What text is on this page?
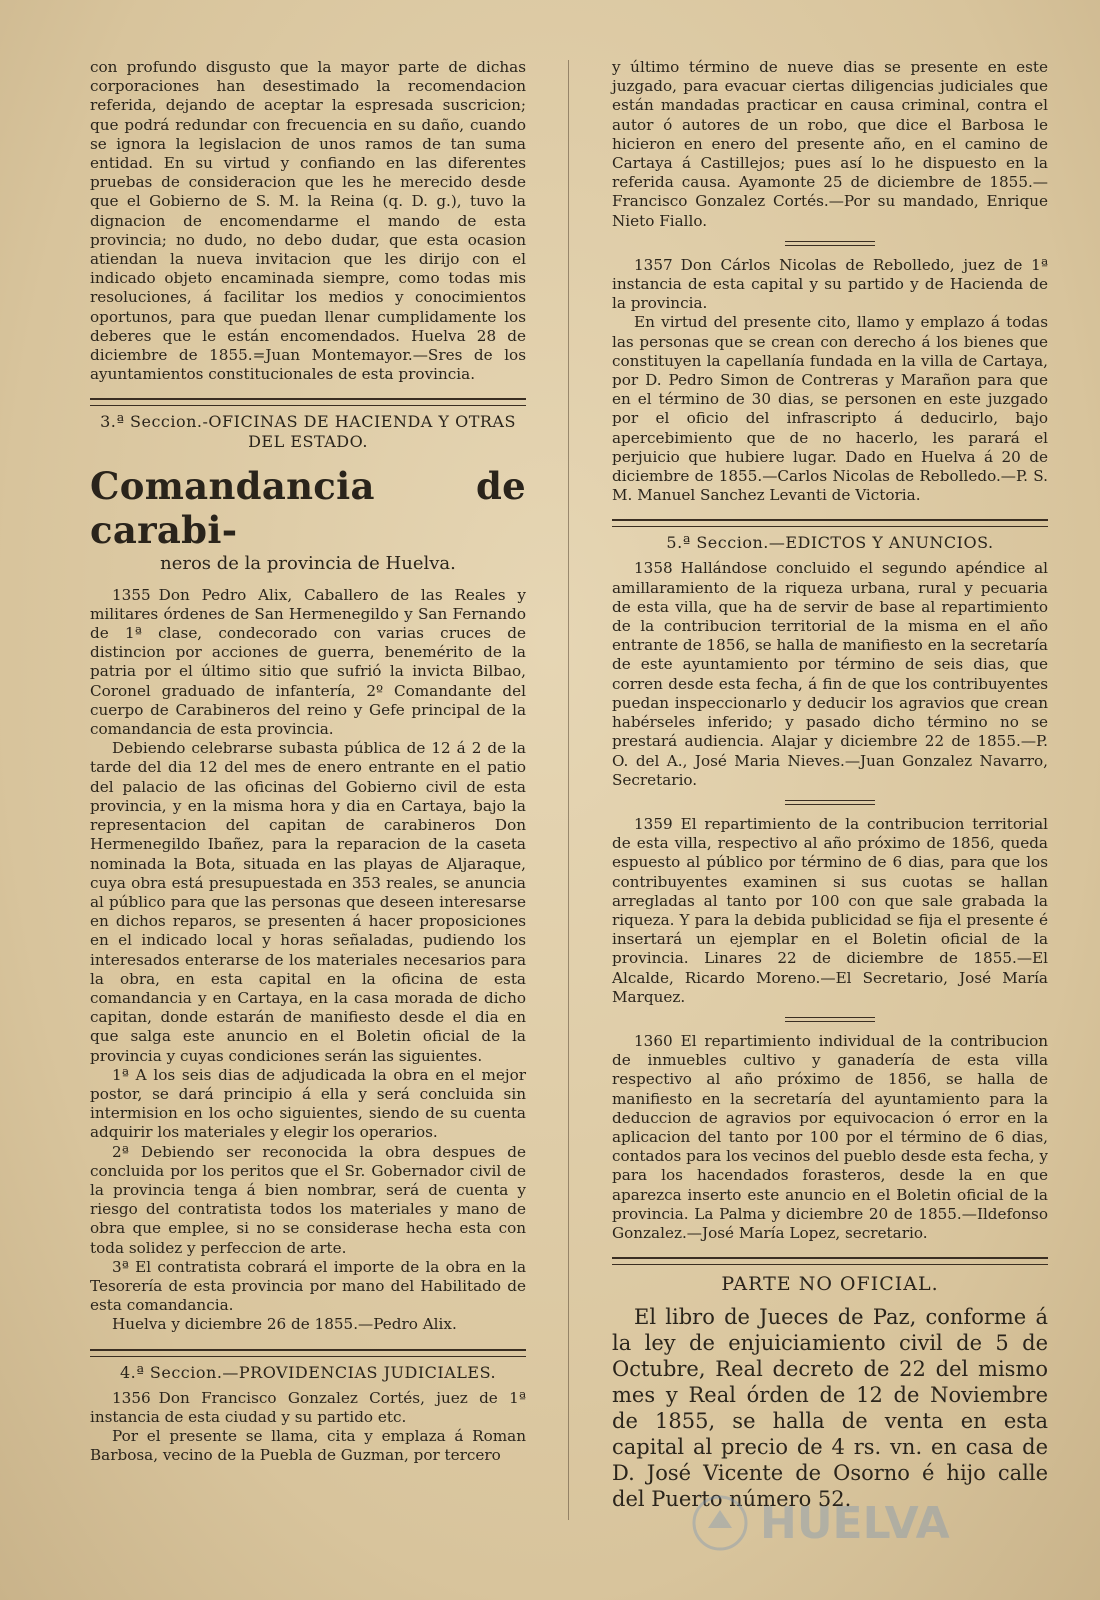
con profundo disgusto que la mayor parte de dichas corporaciones han desestimado la recomendacion referida, dejando de aceptar la espresada suscricion; que podrá redundar con frecuencia en su daño, cuando se ignora la legislacion de unos ramos de tan suma entidad. En su virtud y confiando en las diferentes pruebas de consideracion que les he merecido desde que el Gobierno de S. M. la Reina (q. D. g.), tuvo la dignacion de encomendarme el mando de esta provincia; no dudo, no debo dudar, que esta ocasion atiendan la nueva invitacion que les dirijo con el indicado objeto encaminada siempre, como todas mis resoluciones, á facilitar los medios y conocimientos oportunos, para que puedan llenar cumplidamente los deberes que le están encomendados. Huelva 28 de diciembre de 1855.=Juan Montemayor.—Sres de los ayuntamientos constitucionales de esta provincia.

3.ª Seccion.-OFICINAS DE HACIENDA Y OTRAS DEL ESTADO.
Comandancia de carabi-
neros de la provincia de Huelva.

1355 Don Pedro Alix, Caballero de las Reales y militares órdenes de San Hermenegildo y San Fernando de 1ª clase, condecorado con varias cruces de distincion por acciones de guerra, benemérito de la patria por el último sitio que sufrió la invicta Bilbao, Coronel graduado de infantería, 2º Comandante del cuerpo de Carabineros del reino y Gefe principal de la comandancia de esta provincia.

Debiendo celebrarse subasta pública de 12 á 2 de la tarde del dia 12 del mes de enero entrante en el patio del palacio de las oficinas del Gobierno civil de esta provincia, y en la misma hora y dia en Cartaya, bajo la representacion del capitan de carabineros Don Hermenegildo Ibañez, para la reparacion de la caseta nominada la Bota, situada en las playas de Aljaraque, cuya obra está presupuestada en 353 reales, se anuncia al público para que las personas que deseen interesarse en dichos reparos, se presenten á hacer proposiciones en el indicado local y horas señaladas, pudiendo los interesados enterarse de los materiales necesarios para la obra, en esta capital en la oficina de esta comandancia y en Cartaya, en la casa morada de dicho capitan, donde estarán de manifiesto desde el dia en que salga este anuncio en el Boletin oficial de la provincia y cuyas condiciones serán las siguientes.

1ª A los seis dias de adjudicada la obra en el mejor postor, se dará principio á ella y será concluida sin intermision en los ocho siguientes, siendo de su cuenta adquirir los materiales y elegir los operarios.

2ª Debiendo ser reconocida la obra despues de concluida por los peritos que el Sr. Gobernador civil de la provincia tenga á bien nombrar, será de cuenta y riesgo del contratista todos los materiales y mano de obra que emplee, si no se considerase hecha esta con toda solidez y perfeccion de arte.

3ª El contratista cobrará el importe de la obra en la Tesorería de esta provincia por mano del Habilitado de esta comandancia.

Huelva y diciembre 26 de 1855.—Pedro Alix.

4.ª Seccion.—PROVIDENCIAS JUDICIALES.

1356 Don Francisco Gonzalez Cortés, juez de 1ª instancia de esta ciudad y su partido etc.

Por el presente se llama, cita y emplaza á Roman Barbosa, vecino de la Puebla de Guzman, por tercero

y último término de nueve dias se presente en este juzgado, para evacuar ciertas diligencias judiciales que están mandadas practicar en causa criminal, contra el autor ó autores de un robo, que dice el Barbosa le hicieron en enero del presente año, en el camino de Cartaya á Castillejos; pues así lo he dispuesto en la referida causa. Ayamonte 25 de diciembre de 1855.—Francisco Gonzalez Cortés.—Por su mandado, Enrique Nieto Fiallo.

1357 Don Cárlos Nicolas de Rebolledo, juez de 1ª instancia de esta capital y su partido y de Hacienda de la provincia.

En virtud del presente cito, llamo y emplazo á todas las personas que se crean con derecho á los bienes que constituyen la capellanía fundada en la villa de Cartaya, por D. Pedro Simon de Contreras y Marañon para que en el término de 30 dias, se personen en este juzgado por el oficio del infrascripto á deducirlo, bajo apercebimiento que de no hacerlo, les parará el perjuicio que hubiere lugar. Dado en Huelva á 20 de diciembre de 1855.—Carlos Nicolas de Rebolledo.—P. S. M. Manuel Sanchez Levanti de Victoria.

5.ª Seccion.—EDICTOS Y ANUNCIOS.

1358 Hallándose concluido el segundo apéndice al amillaramiento de la riqueza urbana, rural y pecuaria de esta villa, que ha de servir de base al repartimiento de la contribucion territorial de la misma en el año entrante de 1856, se halla de manifiesto en la secretaría de este ayuntamiento por término de seis dias, que corren desde esta fecha, á fin de que los contribuyentes puedan inspeccionarlo y deducir los agravios que crean habérseles inferido; y pasado dicho término no se prestará audiencia. Alajar y diciembre 22 de 1855.—P. O. del A., José Maria Nieves.—Juan Gonzalez Navarro, Secretario.

1359 El repartimiento de la contribucion territorial de esta villa, respectivo al año próximo de 1856, queda espuesto al público por término de 6 dias, para que los contribuyentes examinen si sus cuotas se hallan arregladas al tanto por 100 con que sale grabada la riqueza. Y para la debida publicidad se fija el presente é insertará un ejemplar en el Boletin oficial de la provincia. Linares 22 de diciembre de 1855.—El Alcalde, Ricardo Moreno.—El Secretario, José María Marquez.

1360 El repartimiento individual de la contribucion de inmuebles cultivo y ganadería de esta villa respectivo al año próximo de 1856, se halla de manifiesto en la secretaría del ayuntamiento para la deduccion de agravios por equivocacion ó error en la aplicacion del tanto por 100 por el término de 6 dias, contados para los vecinos del pueblo desde esta fecha, y para los hacendados forasteros, desde la en que aparezca inserto este anuncio en el Boletin oficial de la provincia. La Palma y diciembre 20 de 1855.—Ildefonso Gonzalez.—José María Lopez, secretario.

PARTE NO OFICIAL.

El libro de Jueces de Paz, conforme á la ley de enjuiciamiento civil de 5 de Octubre, Real decreto de 22 del mismo mes y Real órden de 12 de Noviembre de 1855, se halla de venta en esta capital al precio de 4 rs. vn. en casa de D. José Vicente de Osorno é hijo calle del Puerto número 52.

HUELVA
